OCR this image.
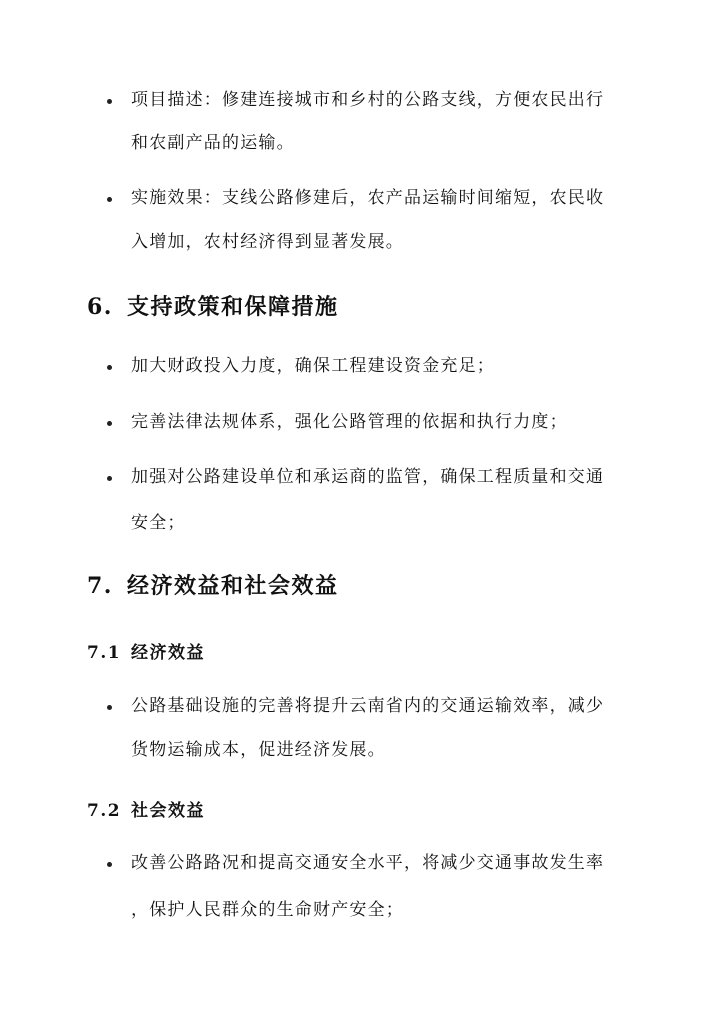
项目描述：修建连接城市和乡村的公路支线，方便农民出行
和农副产品的运输。
实施效果：支线公路修建后，农产品运输时间缩短，农民收
入增加，农村经济得到显著发展。
6. 支持政策和保障措施
加大财政投入力度，确保工程建设资金充足；
完善法律法规体系，强化公路管理的依据和执行力度；
加强对公路建设单位和承运商的监管，确保工程质量和交通
安全；
7. 经济效益和社会效益
7.1 经济效益
公路基础设施的完善将提升云南省内的交通运输效率，减少
货物运输成本，促进经济发展。
7.2 社会效益
改善公路路况和提高交通安全水平，将减少交通事故发生率
，保护人民群众的生命财产安全；
